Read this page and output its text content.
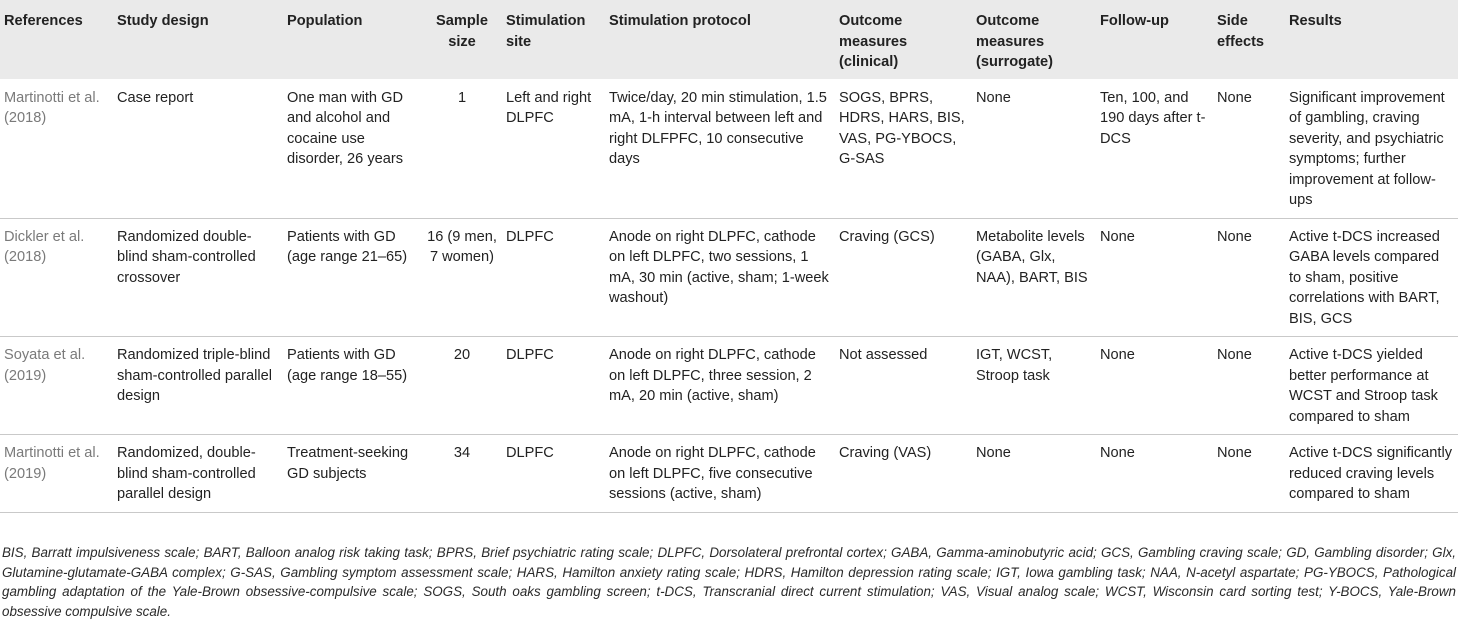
References	Study design	Population	Sample size	Stimulation site	Stimulation protocol	Outcome measures (clinical)	Outcome measures (surrogate)	Follow-up	Side effects	Results
Martinotti et al. (2018)	Case report	One man with GD and alcohol and cocaine use disorder, 26 years	1	Left and right DLPFC	Twice/day, 20 min stimulation, 1.5 mA, 1-h interval between left and right DLFPFC, 10 consecutive days	SOGS, BPRS, HDRS, HARS, BIS, VAS, PG-YBOCS, G-SAS	None	Ten, 100, and 190 days after t-DCS	None	Significant improvement of gambling, craving severity, and psychiatric symptoms; further improvement at follow-ups
Dickler et al. (2018)	Randomized double-blind sham-controlled crossover	Patients with GD (age range 21–65)	16 (9 men, 7 women)	DLPFC	Anode on right DLPFC, cathode on left DLPFC, two sessions, 1 mA, 30 min (active, sham; 1-week washout)	Craving (GCS)	Metabolite levels (GABA, Glx, NAA), BART, BIS	None	None	Active t-DCS increased GABA levels compared to sham, positive correlations with BART, BIS, GCS
Soyata et al. (2019)	Randomized triple-blind sham-controlled parallel design	Patients with GD (age range 18–55)	20	DLPFC	Anode on right DLPFC, cathode on left DLPFC, three session, 2 mA, 20 min (active, sham)	Not assessed	IGT, WCST, Stroop task	None	None	Active t-DCS yielded better performance at WCST and Stroop task compared to sham
Martinotti et al. (2019)	Randomized, double-blind sham-controlled parallel design	Treatment-seeking GD subjects	34	DLPFC	Anode on right DLPFC, cathode on left DLPFC, five consecutive sessions (active, sham)	Craving (VAS)	None	None	None	Active t-DCS significantly reduced craving levels compared to sham

BIS, Barratt impulsiveness scale; BART, Balloon analog risk taking task; BPRS, Brief psychiatric rating scale; DLPFC, Dorsolateral prefrontal cortex; GABA, Gamma-aminobutyric acid; GCS, Gambling craving scale; GD, Gambling disorder; Glx, Glutamine-glutamate-GABA complex; G-SAS, Gambling symptom assessment scale; HARS, Hamilton anxiety rating scale; HDRS, Hamilton depression rating scale; IGT, Iowa gambling task; NAA, N-acetyl aspartate; PG-YBOCS, Pathological gambling adaptation of the Yale-Brown obsessive-compulsive scale; SOGS, South oaks gambling screen; t-DCS, Transcranial direct current stimulation; VAS, Visual analog scale; WCST, Wisconsin card sorting test; Y-BOCS, Yale-Brown obsessive compulsive scale.
